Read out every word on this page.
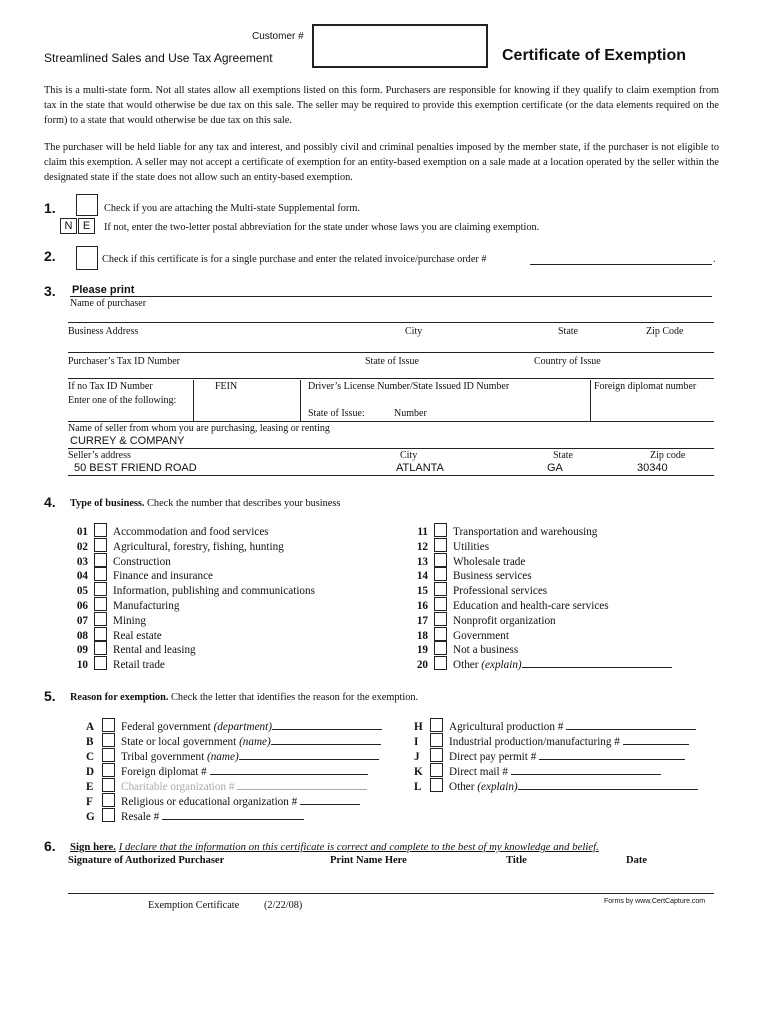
Customer #
Streamlined Sales and Use Tax Agreement	Certificate of Exemption
This is a multi-state form. Not all states allow all exemptions listed on this form. Purchasers are responsible for knowing if they qualify to claim exemption from tax in the state that would otherwise be due tax on this sale. The seller may be required to provide this exemption certificate (or the data elements required on the form) to a state that would otherwise be due tax on this sale.
The purchaser will be held liable for any tax and interest, and possibly civil and criminal penalties imposed by the member state, if the purchaser is not eligible to claim this exemption. A seller may not accept a certificate of exemption for an entity-based exemption on a sale made at a location operated by the seller within the designated state if the state does not allow such an entity-based exemption.
1.	Check if you are attaching the Multi-state Supplemental form.
N E	If not, enter the two-letter postal abbreviation for the state under whose laws you are claiming exemption.
2.	Check if this certificate is for a single purchase and enter the related invoice/purchase order #	.
3. Please print
Name of purchaser
Business Address	City	State	Zip Code
Purchaser’s Tax ID Number	State of Issue	Country of Issue
If no Tax ID Number
Enter one of the following:
FEIN	Driver’s License Number/State Issued ID Number	Foreign diplomat number
State of Issue:	Number
Name of seller from whom you are purchasing, leasing or renting
CURREY & COMPANY
Seller’s address	City	State	Zip code
50 BEST FRIEND ROAD	ATLANTA	GA	30340
4. Type of business. Check the number that describes your business
01 Accommodation and food services
02 Agricultural, forestry, fishing, hunting
03 Construction
04 Finance and insurance
05 Information, publishing and communications
06 Manufacturing
07 Mining
08 Real estate
09 Rental and leasing
10 Retail trade
11 Transportation and warehousing
12 Utilities
13 Wholesale trade
14 Business services
15 Professional services
16 Education and health-care services
17 Nonprofit organization
18 Government
19 Not a business
20 Other (explain)
5. Reason for exemption. Check the letter that identifies the reason for the exemption.
A Federal government (department)
B State or local government (name)
C Tribal government (name)
D Foreign diplomat #
E Charitable organization #
F	Religious or educational organization #
G Resale #
H Agricultural production #
I	Industrial production/manufacturing #
J	Direct pay permit #
K Direct mail #
L Other (explain)
6. Sign here. I declare that the information on this certificate is correct and complete to the best of my knowledge and belief.
Signature of Authorized Purchaser	Print Name Here	Title	Date
Exemption Certificate (2/22/08)	Forms by www.CertCapture.com
